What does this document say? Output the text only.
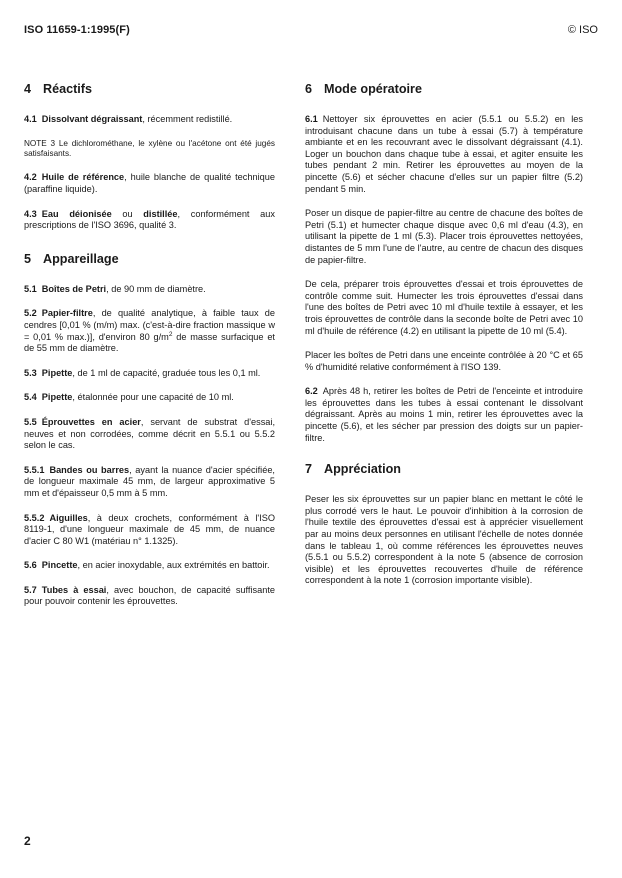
ISO 11659-1:1995(F)	© ISO
4 Réactifs

4.1 Dissolvant dégraissant, récemment redistillé.

NOTE 3 Le dichlorométhane, le xylène ou l'acétone ont été jugés satisfaisants.

4.2 Huile de référence, huile blanche de qualité technique (paraffine liquide).

4.3 Eau déionisée ou distillée, conformément aux prescriptions de l'ISO 3696, qualité 3.

5 Appareillage

5.1 Boîtes de Petri, de 90 mm de diamètre.

5.2 Papier-filtre, de qualité analytique, à faible taux de cendres [0,01 % (m/m) max. (c'est-à-dire fraction massique w = 0,01 % max.)], d'environ 80 $g/m^2$ de masse surfacique et de 55 mm de diamètre.

5.3 Pipette, de 1 ml de capacité, graduée tous les 0,1 ml.

5.4 Pipette, étalonnée pour une capacité de 10 ml.

5.5 Éprouvettes en acier, servant de substrat d'essai, neuves et non corrodées, comme décrit en 5.5.1 ou 5.5.2 selon le cas.

5.5.1 Bandes ou barres, ayant la nuance d'acier spécifiée, de longueur maximale 45 mm, de largeur approximative 5 mm et d'épaisseur 0,5 mm à 5 mm.

5.5.2 Aiguilles, à deux crochets, conformément à l'ISO 8119-1, d'une longueur maximale de 45 mm, de nuance d'acier C 80 W1 (matériau n° 1.1325).

5.6 Pincette, en acier inoxydable, aux extrémités en battoir.

5.7 Tubes à essai, avec bouchon, de capacité suffisante pour pouvoir contenir les éprouvettes.

6 Mode opératoire

6.1 Nettoyer six éprouvettes en acier (5.5.1 ou 5.5.2) en les introduisant chacune dans un tube à essai (5.7) à température ambiante et en les recouvrant avec le dissolvant dégraissant (4.1). Loger un bouchon dans chaque tube à essai, et agiter ensuite les tubes pendant 2 min. Retirer les éprouvettes au moyen de la pincette (5.6) et sécher chacune d'elles sur un papier filtre (5.2) pendant 5 min.

Poser un disque de papier-filtre au centre de chacune des boîtes de Petri (5.1) et humecter chaque disque avec 0,6 ml d'eau (4.3), en utilisant la pipette de 1 ml (5.3). Placer trois éprouvettes nettoyées, distantes de 5 mm l'une de l'autre, au centre de chacun des disques de papier-filtre.

De cela, préparer trois éprouvettes d'essai et trois éprouvettes de contrôle comme suit. Humecter les trois éprouvettes d'essai dans l'une des boîtes de Petri avec 10 ml d'huile textile à essayer, et les trois éprouvettes de contrôle dans la seconde boîte de Petri avec 10 ml d'huile de référence (4.2) en utilisant la pipette de 10 ml (5.4).

Placer les boîtes de Petri dans une enceinte contrôlée à 20 °C et 65 % d'humidité relative conformément à l'ISO 139.

6.2 Après 48 h, retirer les boîtes de Petri de l'enceinte et introduire les éprouvettes dans les tubes à essai contenant le dissolvant dégraissant. Après au moins 1 min, retirer les éprouvettes avec la pincette (5.6), et les sécher par pression des doigts sur un papier-filtre.

7 Appréciation

Peser les six éprouvettes sur un papier blanc en mettant le côté le plus corrodé vers le haut. Le pouvoir d'inhibition à la corrosion de l'huile textile des éprouvettes d'essai est à apprécier visuellement par au moins deux personnes en utilisant l'échelle de notes donnée dans le tableau 1, où comme références les éprouvettes neuves (5.5.1 ou 5.5.2) correspondent à la note 5 (absence de corrosion visible) et les éprouvettes recouvertes d'huile de référence correspondent à la note 1 (corrosion importante visible).

2
